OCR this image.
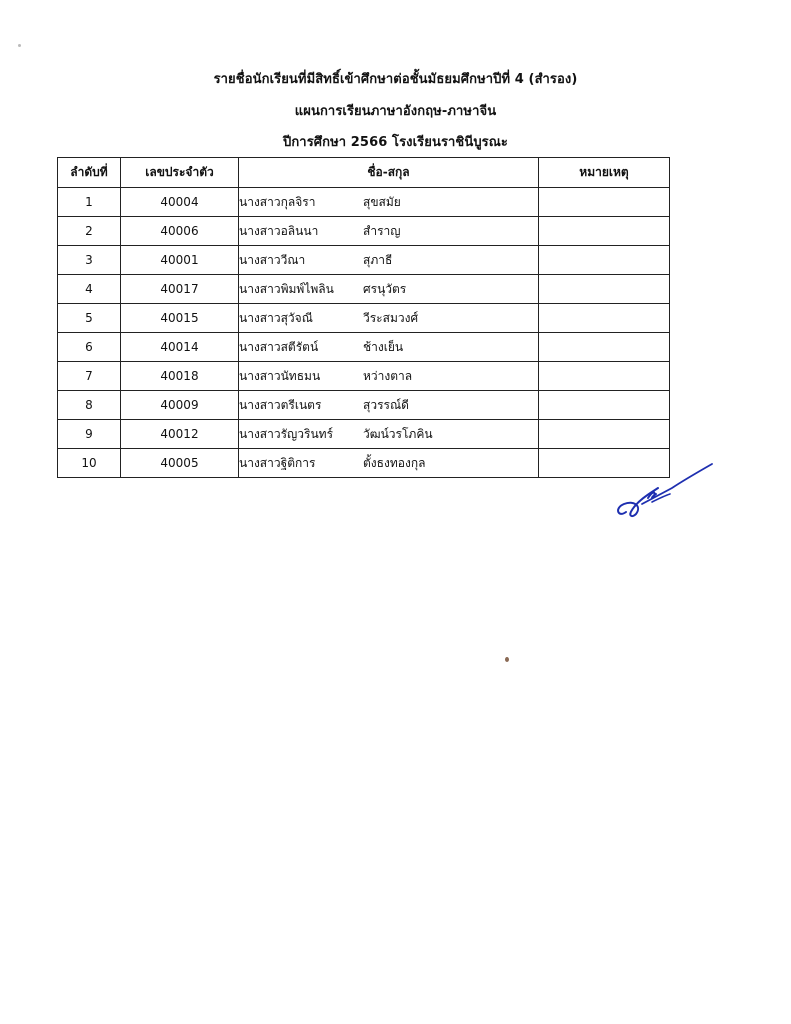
รายชื่อนักเรียนที่มีสิทธิ์เข้าศึกษาต่อชั้นมัธยมศึกษาปีที่ 4 (สำรอง)
แผนการเรียนภาษาอังกฤษ-ภาษาจีน
ปีการศึกษา 2566 โรงเรียนราชินีบูรณะ
ลำดับที่	เลขประจำตัว	ชื่อ-สกุล	หมายเหตุ
1	40004	นางสาวกุลจิรา สุขสมัย	
2	40006	นางสาวอลินนา สำราญ	
3	40001	นางสาววีณา สุภาธี	
4	40017	นางสาวพิมพ์ไพลิน ศรนุวัตร	
5	40015	นางสาวสุวัจณี วีระสมวงศ์	
6	40014	นางสาวสตีรัตน์ ช้างเย็น	
7	40018	นางสาวนัทธมน หว่างตาล	
8	40009	นางสาวตรีเนตร สุวรรณ์ดี	
9	40012	นางสาวรัญวรินทร์ วัฒน์วรโภคิน	
10	40005	นางสาวฐิติการ ตั้งธงทองกุล	
